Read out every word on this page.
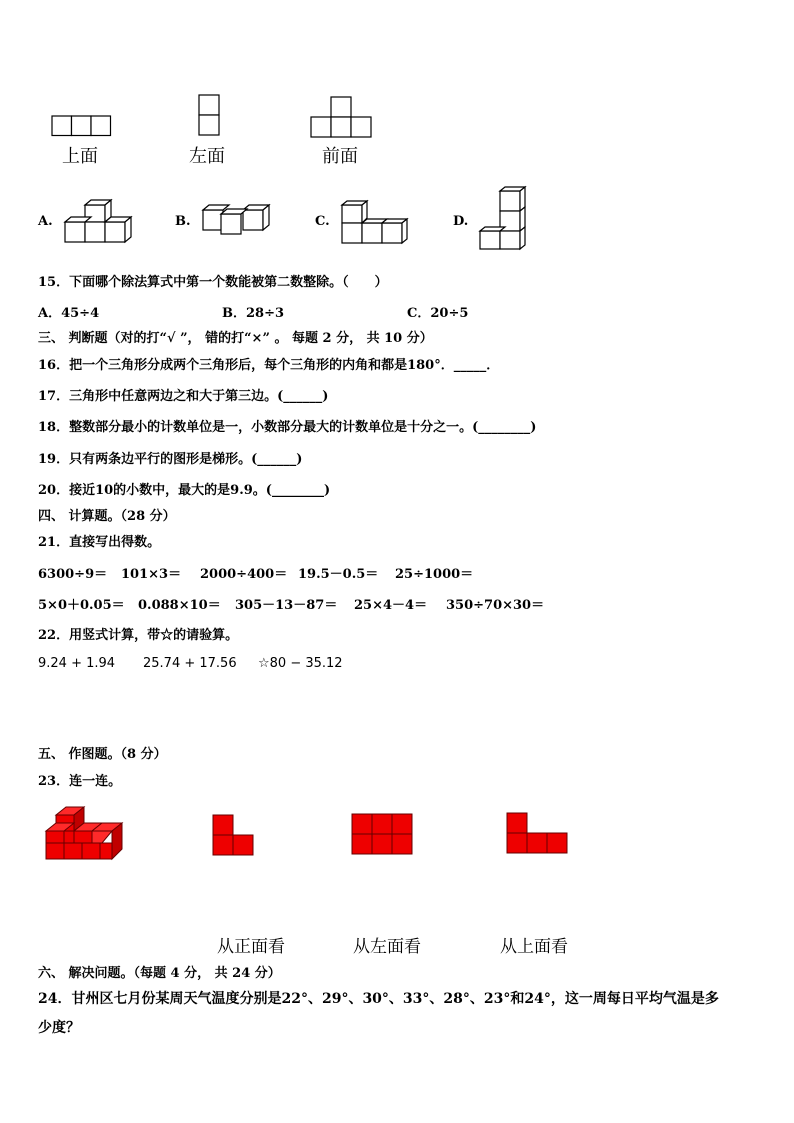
上面	左面	前面
A.	B.	C.	D.
15．下面哪个除法算式中第一个数能被第二数整除。（　　）
A．45÷4	B．28÷3	C．20÷5
三、 判断题（对的打“√ ”， 错的打“×” 。 每题 2 分， 共 10 分）
16．把一个三角形分成两个三角形后，每个三角形的内角和都是180°．_____．
17．三角形中任意两边之和大于第三边。(______)
18．整数部分最小的计数单位是一，小数部分最大的计数单位是十分之一。(________)
19．只有两条边平行的图形是梯形。(______)
20．接近10的小数中，最大的是9.9。(________)
四、 计算题。（28 分）
21．直接写出得数。
6300÷9＝ 101×3＝ 2000÷400＝ 19.5－0.5＝ 25÷1000＝
5×0＋0.05＝ 0.088×10＝ 305－13－87＝ 25×4－4＝ 350÷70×30＝
22．用竖式计算，带☆的请验算。
9.24 + 1.94 25.74 + 17.56 ☆80 − 35.12
五、 作图题。（8 分）
23．连一连。
从正面看	从左面看	从上面看
六、 解决问题。（每题 4 分， 共 24 分）
24．甘州区七月份某周天气温度分别是22°、29°、30°、33°、28°、23°和24°，这一周每日平均气温是多
少度？
